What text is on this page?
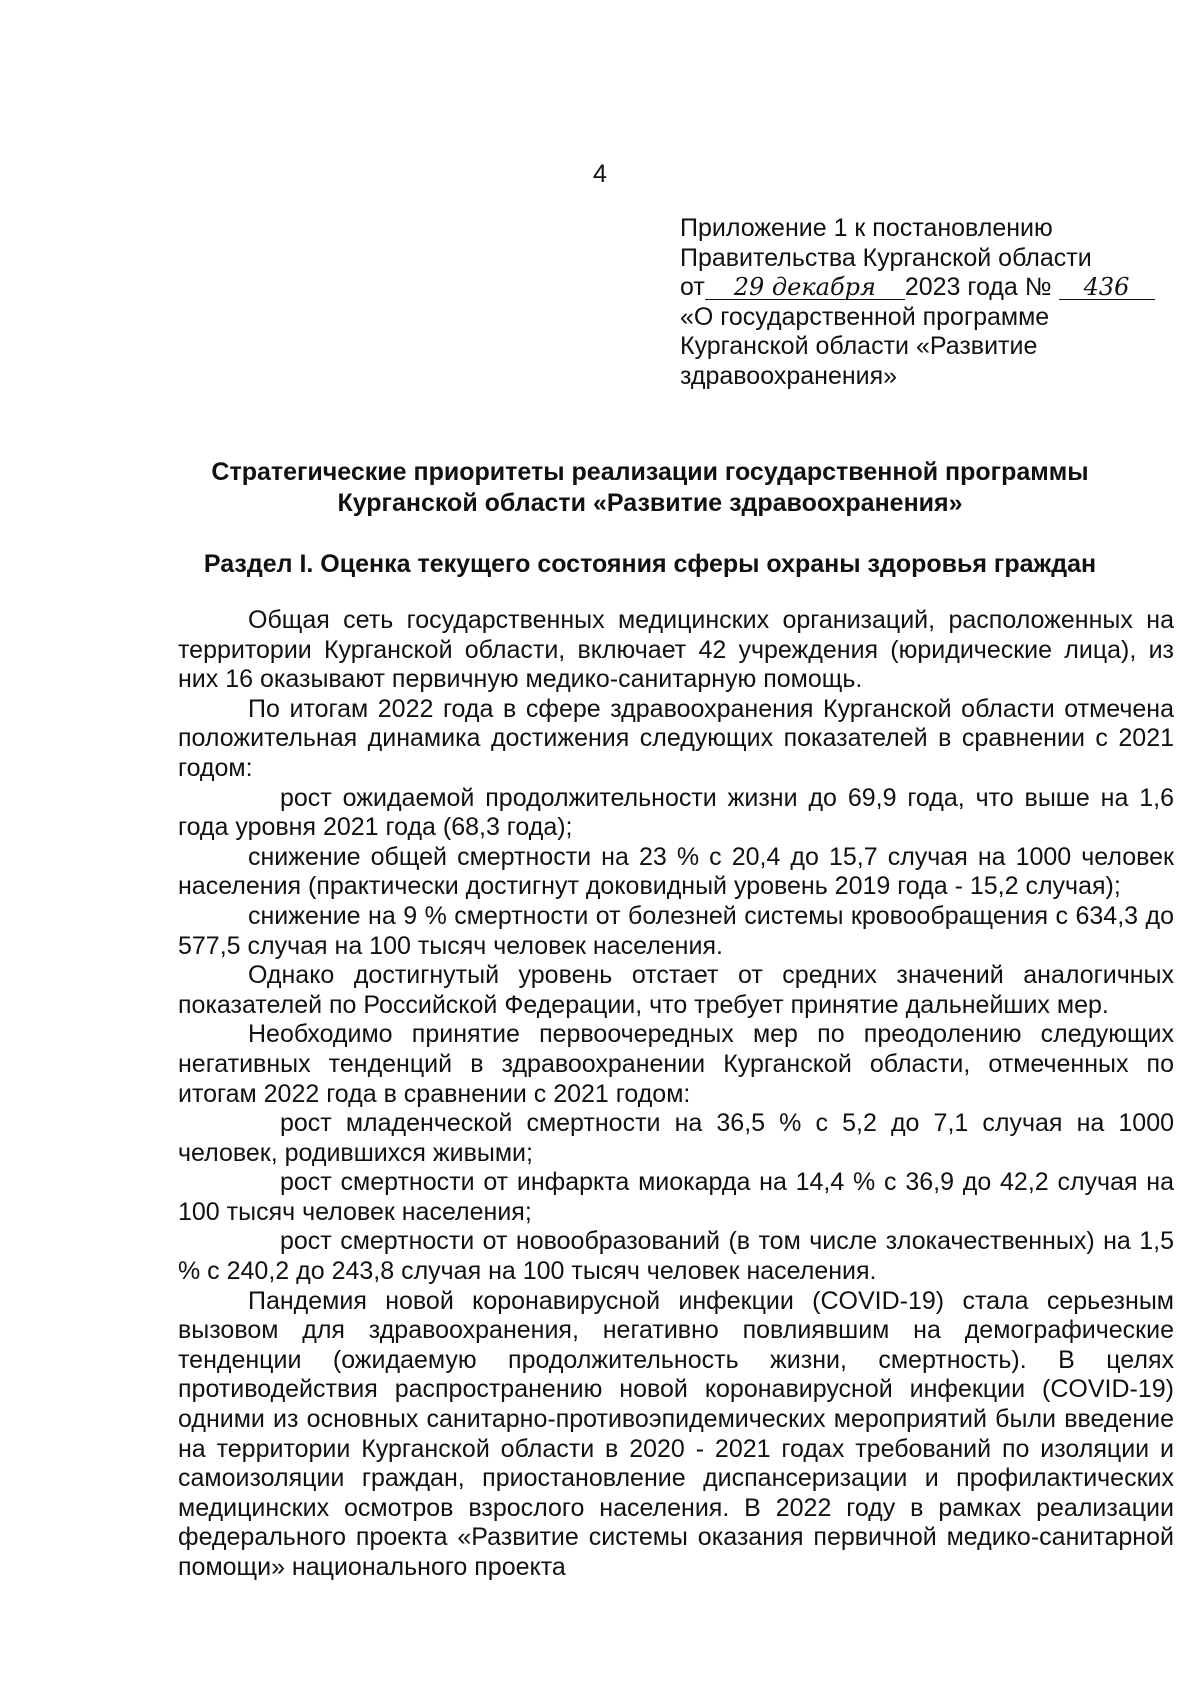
4
Приложение 1 к постановлению
Правительства Курганской области
от 29 декабря 2023 года № 436
«О государственной программе
Курганской области «Развитие
здравоохранения»
Стратегические приоритеты реализации государственной программы
Курганской области «Развитие здравоохранения»
Раздел I. Оценка текущего состояния сферы охраны здоровья граждан

Общая сеть государственных медицинских организаций, расположенных на территории Курганской области, включает 42 учреждения (юридические лица), из них 16 оказывают первичную медико-санитарную помощь.

По итогам 2022 года в сфере здравоохранения Курганской области отмечена положительная динамика достижения следующих показателей в сравнении с 2021 годом:

рост ожидаемой продолжительности жизни до 69,9 года, что выше на 1,6 года уровня 2021 года (68,3 года);

снижение общей смертности на 23 % с 20,4 до 15,7 случая на 1000 человек населения (практически достигнут доковидный уровень 2019 года - 15,2 случая);

снижение на 9 % смертности от болезней системы кровообращения с 634,3 до 577,5 случая на 100 тысяч человек населения.

Однако достигнутый уровень отстает от средних значений аналогичных показателей по Российской Федерации, что требует принятие дальнейших мер.

Необходимо принятие первоочередных мер по преодолению следующих негативных тенденций в здравоохранении Курганской области, отмеченных по итогам 2022 года в сравнении с 2021 годом:

рост младенческой смертности на 36,5 % с 5,2 до 7,1 случая на 1000 человек, родившихся живыми;

рост смертности от инфаркта миокарда на 14,4 % с 36,9 до 42,2 случая на 100 тысяч человек населения;

рост смертности от новообразований (в том числе злокачественных) на 1,5 % с 240,2 до 243,8 случая на 100 тысяч человек населения.

Пандемия новой коронавирусной инфекции (COVID-19) стала серьезным вызовом для здравоохранения, негативно повлиявшим на демографические тенденции (ожидаемую продолжительность жизни, смертность). В целях противодействия распространению новой коронавирусной инфекции (COVID-19) одними из основных санитарно-противоэпидемических мероприятий были введение на территории Курганской области в 2020 - 2021 годах требований по изоляции и самоизоляции граждан, приостановление диспансеризации и профилактических медицинских осмотров взрослого населения. В 2022 году в рамках реализации федерального проекта «Развитие системы оказания первичной медико-санитарной помощи» национального проекта
